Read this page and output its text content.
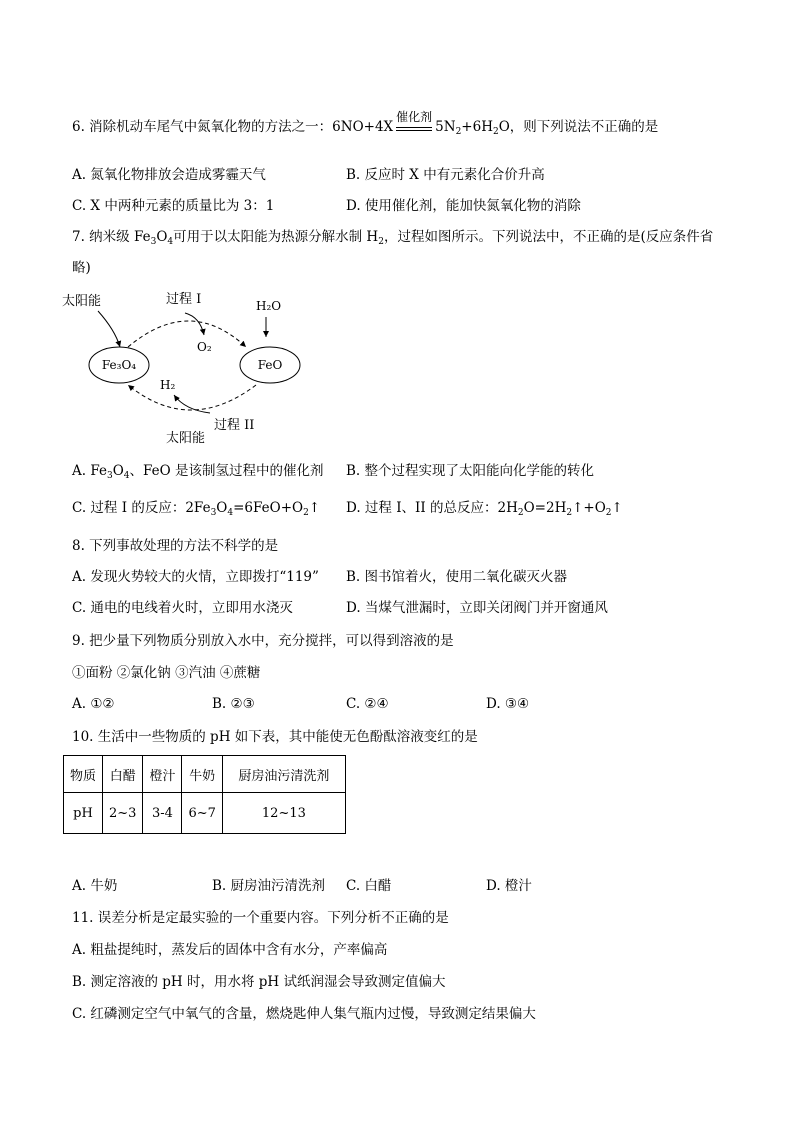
6. 消除机动车尾气中氮氧化物的方法之一：6NO+4X
催化剂
$5N_2+6H_2O$，则下列说法不正确的是
A. 氮氧化物排放会造成雾霾天气	B. 反应时 X 中有元素化合价升高
C. X 中两种元素的质量比为 3：1	D. 使用催化剂，能加快氮氧化物的消除
7. 纳米级 $Fe_3O_4$可用于以太阳能为热源分解水制 $H_2$，过程如图所示。下列说法中，不正确的是(反应条件省
略)
太阳能	过程 I	H₂O
O₂
Fe₃O₄	FeO
H₂
过程 II
太阳能
A. $Fe_3O_4$、FeO 是该制氢过程中的催化剂 B. 整个过程实现了太阳能向化学能的转化
C. 过程 I 的反应：$2Fe_3O_4=6FeO+O_2↑$ D. 过程 I、II 的总反应：$2H_2O=2H_2↑+O_2↑$
8. 下列事故处理的方法不科学的是
A. 发现火势较大的火情，立即拨打“119” B. 图书馆着火，使用二氧化碳灭火器
C. 通电的电线着火时，立即用水浇灭	D. 当煤气泄漏时，立即关闭阀门并开窗通风
9. 把少量下列物质分别放入水中，充分搅拌，可以得到溶液的是
①面粉 ②氯化钠 ③汽油 ④蔗糖
A. ①②	B. ②③	C. ②④	D. ③④
10. 生活中一些物质的 pH 如下表，其中能使无色酚酞溶液变红的是
物质	白醋	橙汁	牛奶	厨房油污清洗剂
pH	2~3	3-4	6~7	12~13
A. 牛奶	B. 厨房油污清洗剂 C. 白醋	D. 橙汁
11. 误差分析是定最实验的一个重要内容。下列分析不正确的是
A. 粗盐提纯时，蒸发后的固体中含有水分，产率偏高
B. 测定溶液的 pH 时，用水将 pH 试纸润湿会导致测定值偏大
C. 红磷测定空气中氧气的含量，燃烧匙伸人集气瓶内过慢，导致测定结果偏大
